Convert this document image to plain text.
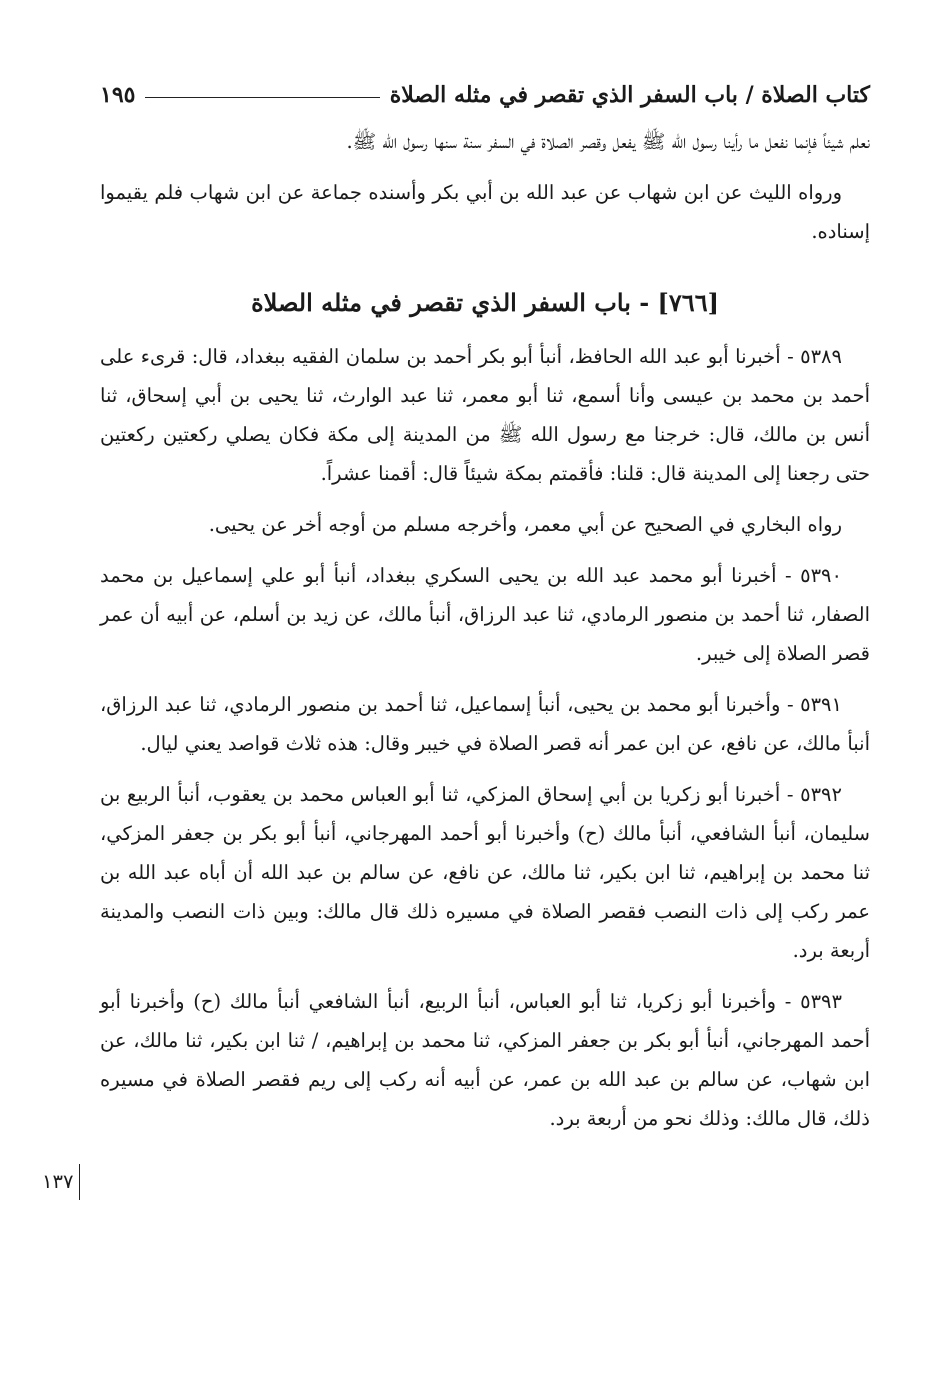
كتاب الصلاة / باب السفر الذي تقصر في مثله الصلاة
١٩٥

نعلم شيئاً فإنما نفعل ما رأينا رسول الله ﷺ يفعل وقصر الصلاة في السفر سنة سنها رسول الله ﷺ.

ورواه الليث عن ابن شهاب عن عبد الله بن أبي بكر وأسنده جماعة عن ابن شهاب فلم يقيموا إسناده.

[٧٦٦] - باب السفر الذي تقصر في مثله الصلاة

٥٣٨٩ - أخبرنا أبو عبد الله الحافظ، أنبأ أبو بكر أحمد بن سلمان الفقيه ببغداد، قال: قرىء على أحمد بن محمد بن عيسى وأنا أسمع، ثنا أبو معمر، ثنا عبد الوارث، ثنا يحيى بن أبي إسحاق، ثنا أنس بن مالك، قال: خرجنا مع رسول الله ﷺ من المدينة إلى مكة فكان يصلي ركعتين ركعتين حتى رجعنا إلى المدينة قال: قلنا: فأقمتم بمكة شيئاً قال: أقمنا عشراً.

رواه البخاري في الصحيح عن أبي معمر، وأخرجه مسلم من أوجه أخر عن يحيى.

٥٣٩٠ - أخبرنا أبو محمد عبد الله بن يحيى السكري ببغداد، أنبأ أبو علي إسماعيل بن محمد الصفار، ثنا أحمد بن منصور الرمادي، ثنا عبد الرزاق، أنبأ مالك، عن زيد بن أسلم، عن أبيه أن عمر قصر الصلاة إلى خيبر.

٥٣٩١ - وأخبرنا أبو محمد بن يحيى، أنبأ إسماعيل، ثنا أحمد بن منصور الرمادي، ثنا عبد الرزاق، أنبأ مالك، عن نافع، عن ابن عمر أنه قصر الصلاة في خيبر وقال: هذه ثلاث قواصد يعني ليال.

٥٣٩٢ - أخبرنا أبو زكريا بن أبي إسحاق المزكي، ثنا أبو العباس محمد بن يعقوب، أنبأ الربيع بن سليمان، أنبأ الشافعي، أنبأ مالك (ح) وأخبرنا أبو أحمد المهرجاني، أنبأ أبو بكر بن جعفر المزكي، ثنا محمد بن إبراهيم، ثنا ابن بكير، ثنا مالك، عن نافع، عن سالم بن عبد الله أن أباه عبد الله بن عمر ركب إلى ذات النصب فقصر الصلاة في مسيره ذلك قال مالك: وبين ذات النصب والمدينة أربعة برد.

٥٣٩٣ - وأخبرنا أبو زكريا، ثنا أبو العباس، أنبأ الربيع، أنبأ الشافعي أنبأ مالك (ح) وأخبرنا أبو أحمد المهرجاني، أنبأ أبو بكر بن جعفر المزكي، ثنا محمد بن إبراهيم، / ثنا ابن بكير، ثنا مالك، عن ابن شهاب، عن سالم بن عبد الله بن عمر، عن أبيه أنه ركب إلى ريم فقصر الصلاة في مسيره ذلك، قال مالك: وذلك نحو من أربعة برد.

١٣٧
